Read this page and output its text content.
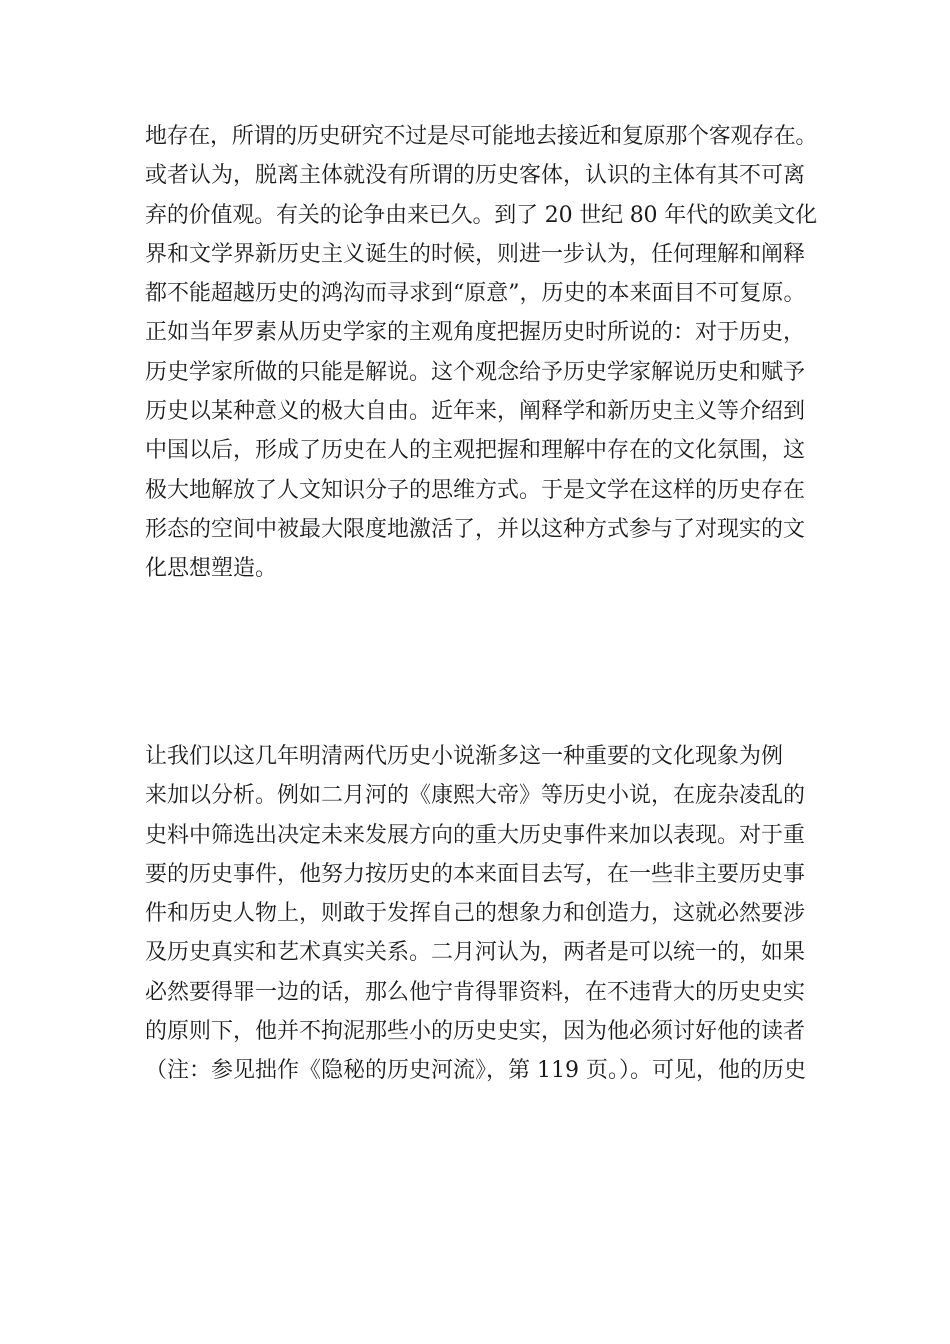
地存在，所谓的历史研究不过是尽可能地去接近和复原那个客观存在。
或者认为，脱离主体就没有所谓的历史客体，认识的主体有其不可离
弃的价值观。有关的论争由来已久。到了 20 世纪 80 年代的欧美文化
界和文学界新历史主义诞生的时候，则进一步认为，任何理解和阐释
都不能超越历史的鸿沟而寻求到“原意”，历史的本来面目不可复原。
正如当年罗素从历史学家的主观角度把握历史时所说的：对于历史，
历史学家所做的只能是解说。这个观念给予历史学家解说历史和赋予
历史以某种意义的极大自由。近年来，阐释学和新历史主义等介绍到
中国以后，形成了历史在人的主观把握和理解中存在的文化氛围，这
极大地解放了人文知识分子的思维方式。于是文学在这样的历史存在
形态的空间中被最大限度地激活了，并以这种方式参与了对现实的文
化思想塑造。
让我们以这几年明清两代历史小说渐多这一种重要的文化现象为例
来加以分析。例如二月河的《康熙大帝》等历史小说，在庞杂凌乱的
史料中筛选出决定未来发展方向的重大历史事件来加以表现。对于重
要的历史事件，他努力按历史的本来面目去写，在一些非主要历史事
件和历史人物上，则敢于发挥自己的想象力和创造力，这就必然要涉
及历史真实和艺术真实关系。二月河认为，两者是可以统一的，如果
必然要得罪一边的话，那么他宁肯得罪资料，在不违背大的历史史实
的原则下，他并不拘泥那些小的历史史实，因为他必须讨好他的读者
（注：参见拙作《隐秘的历史河流》，第 119 页。）。可见，他的历史
